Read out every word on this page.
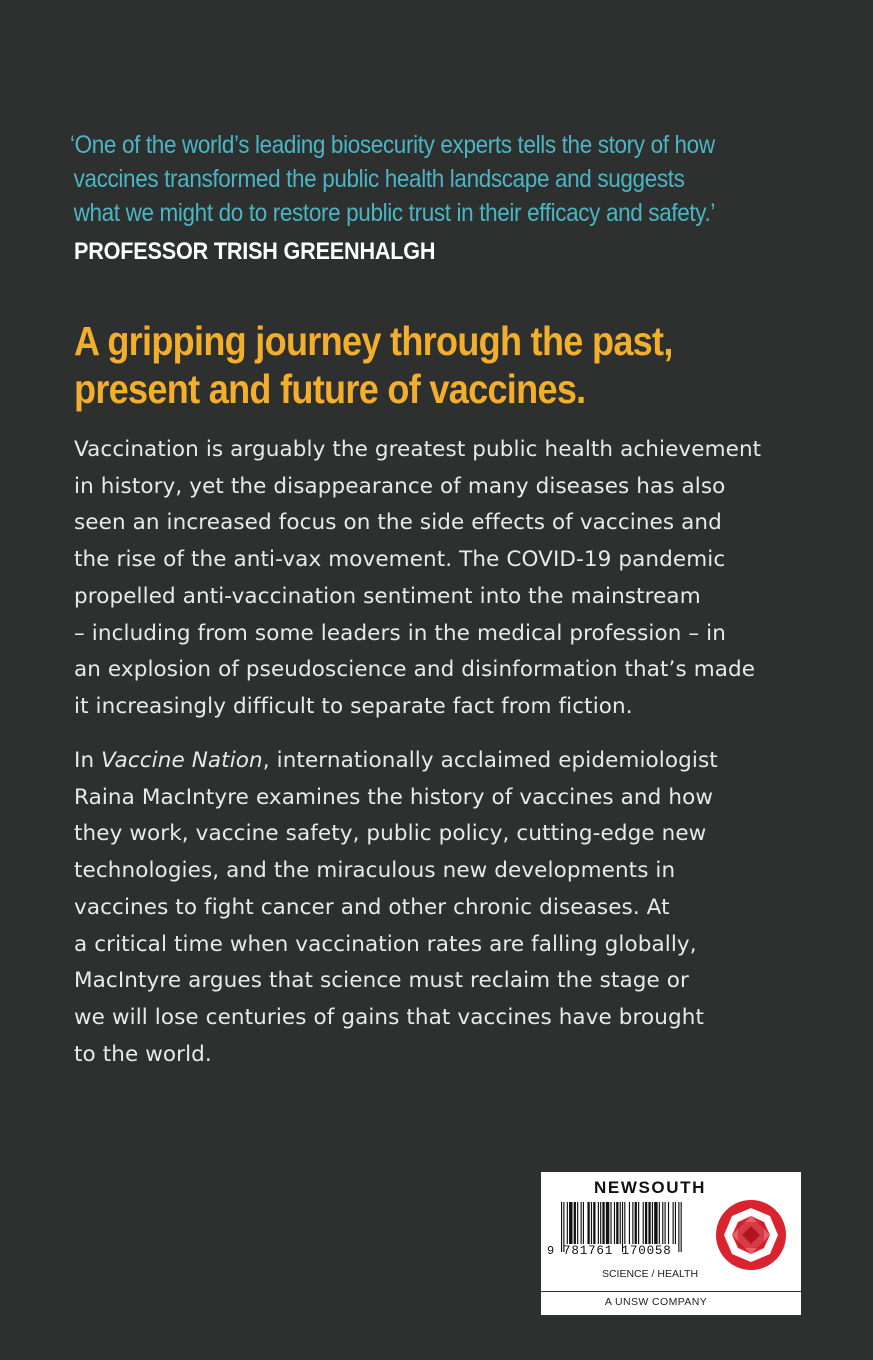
‘One of the world’s leading biosecurity experts tells the story of how
vaccines transformed the public health landscape and suggests
what we might do to restore public trust in their efficacy and safety.’
PROFESSOR TRISH GREENHALGH
A gripping journey through the past,
present and future of vaccines.
Vaccination is arguably the greatest public health achievement
in history, yet the disappearance of many diseases has also
seen an increased focus on the side effects of vaccines and
the rise of the anti-vax movement. The COVID-19 pandemic
propelled anti-vaccination sentiment into the mainstream
– including from some leaders in the medical profession – in
an explosion of pseudoscience and disinformation that’s made
it increasingly difficult to separate fact from fiction.
In Vaccine Nation, internationally acclaimed epidemiologist
Raina MacIntyre examines the history of vaccines and how
they work, vaccine safety, public policy, cutting-edge new
technologies, and the miraculous new developments in
vaccines to fight cancer and other chronic diseases. At
a critical time when vaccination rates are falling globally,
MacIntyre argues that science must reclaim the stage or
we will lose centuries of gains that vaccines have brought
to the world.
NEWSOUTH
9 781761 170058
SCIENCE / HEALTH
A UNSW COMPANY
